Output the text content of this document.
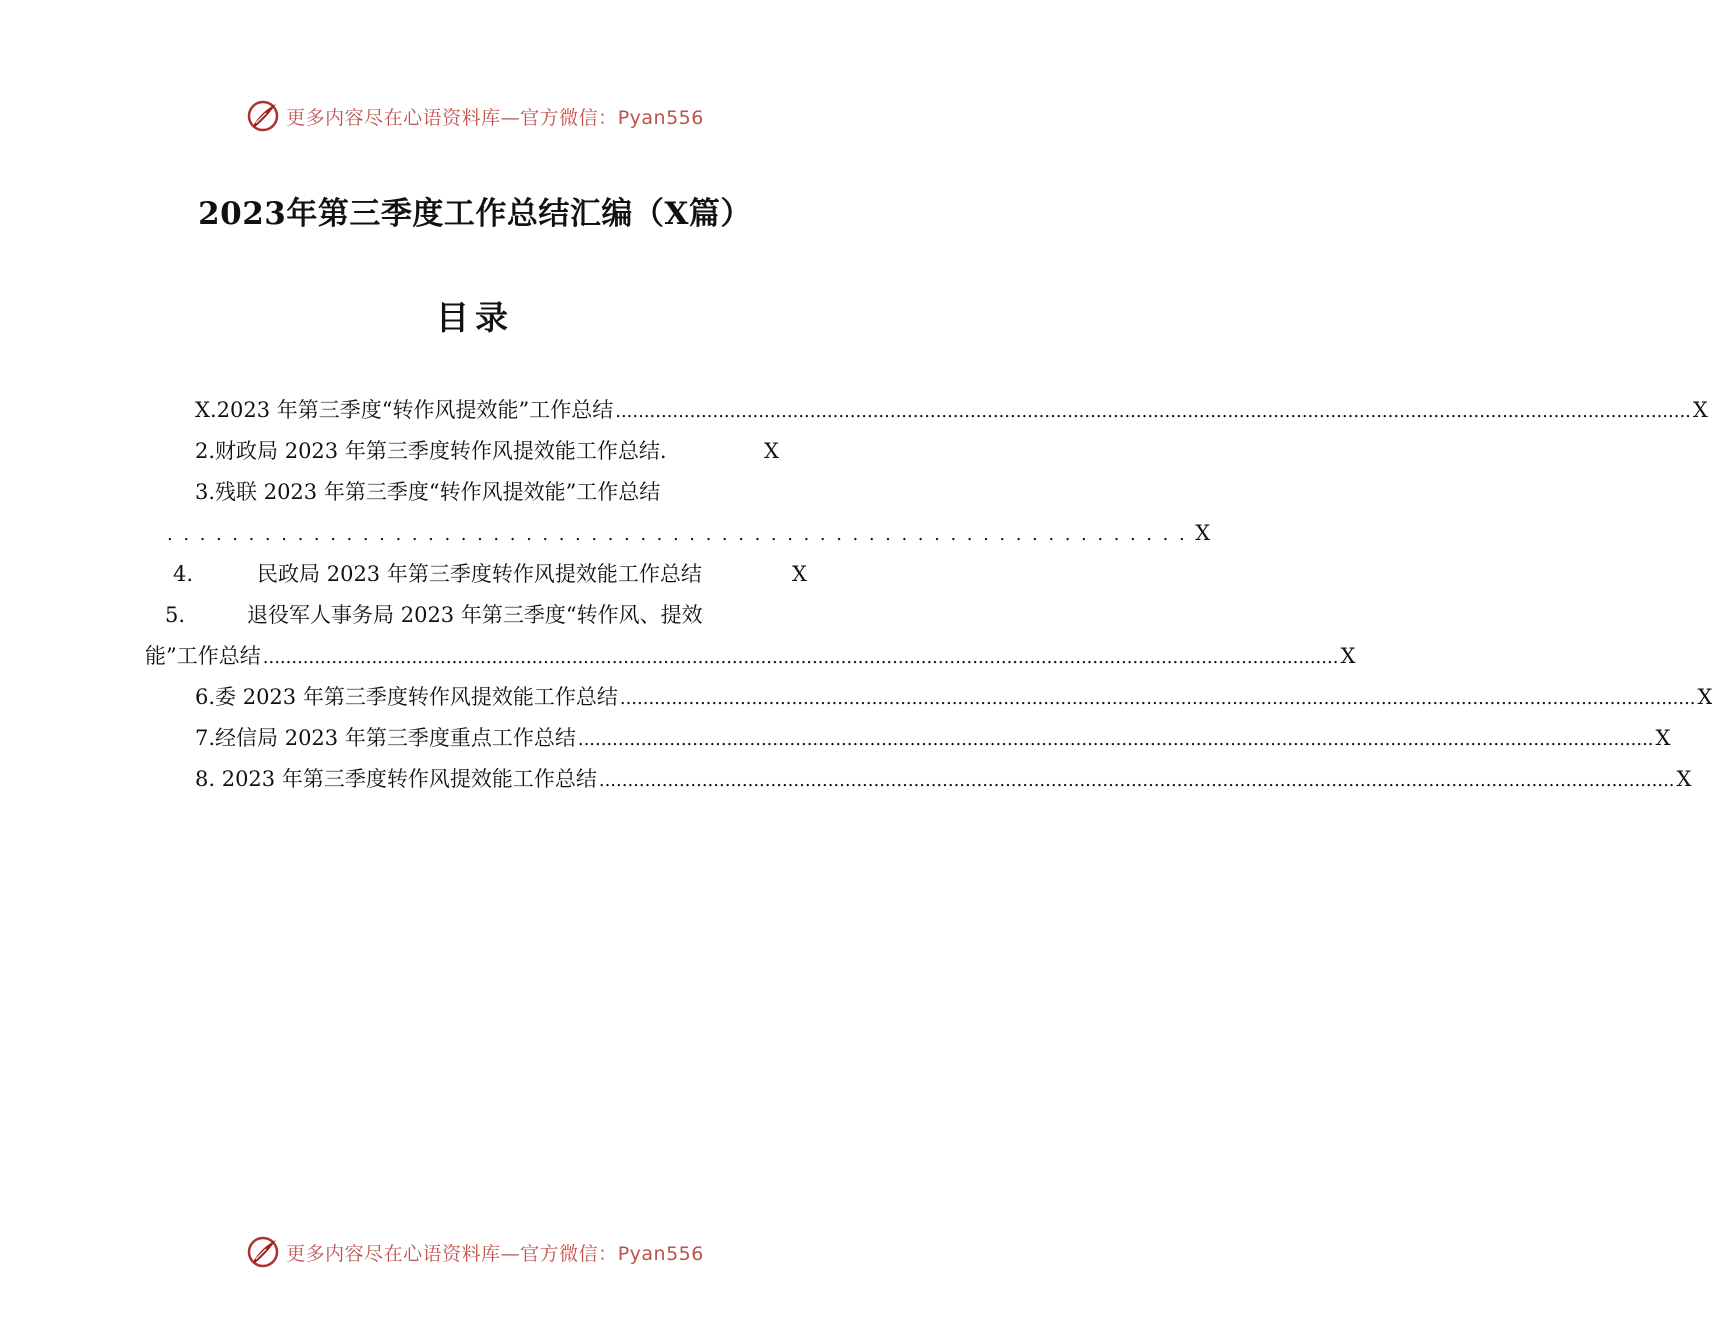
更多内容尽在心语资料库—官方微信：Pyan556
2023年第三季度工作总结汇编（X篇）
目录
X.2023 年第三季度“转作风提效能”工作总结 .....	X
2.财政局 2023 年第三季度转作风提效能工作总结.	X
3.残联 2023 年第三季度“转作风提效能”工作总结
............................................................... X
4.	民政局 2023 年第三季度转作风提效能工作总结	X
5.	退役军人事务局 2023 年第三季度“转作风、提效
能”工作总结 .....	X
6.委 2023 年第三季度转作风提效能工作总结 .....	X
7.经信局 2023 年第三季度重点工作总结 .....	X
8. 2023 年第三季度转作风提效能工作总结 .....	X
更多内容尽在心语资料库—官方微信：Pyan556
